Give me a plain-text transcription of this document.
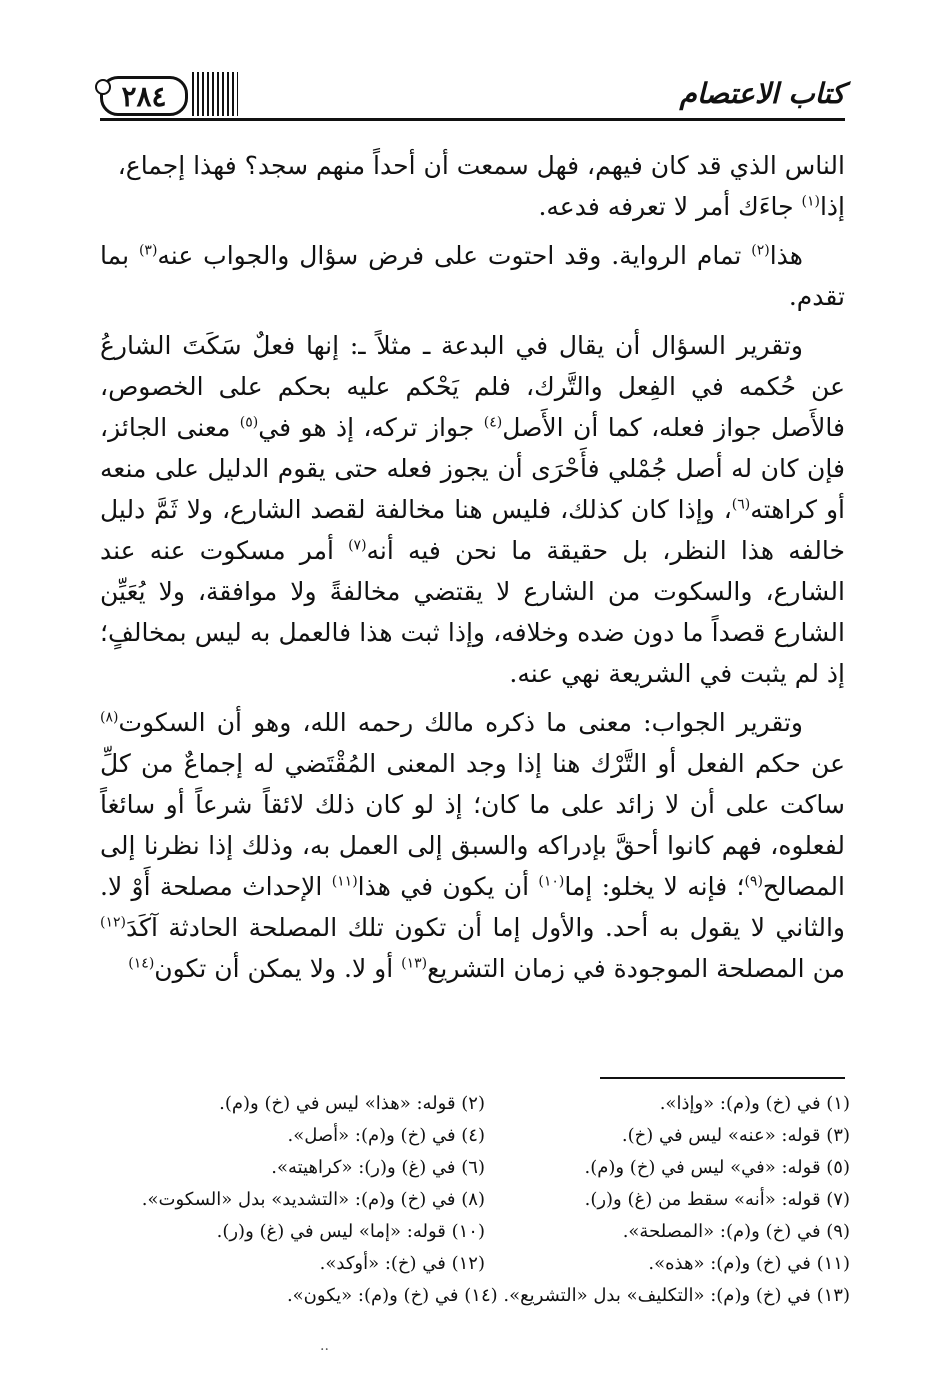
كتاب الاعتصام
٢٨٤

الناس الذي قد كان فيهم، فهل سمعت أن أحداً منهم سجد؟ فهذا إجماع،
إذا$^{(١)}$ جاءَك أمر لا تعرفه فدعه.

هذا$^{(٢)}$ تمام الرواية. وقد احتوت على فرض سؤال والجواب عنه$^{(٣)}$ بما تقدم.

وتقرير السؤال أن يقال في البدعة ـ مثلاً ـ: إنها فعلٌ سَكَتَ الشارعُ عن حُكمه في الفِعل والتَّرك، فلم يَحْكم عليه بحكم على الخصوص، فالأَصل جواز فعله، كما أن الأَصل$^{(٤)}$ جواز تركه، إذ هو في$^{(٥)}$ معنى الجائز، فإن كان له أصل جُمْلي فأَحْرَى أن يجوز فعله حتى يقوم الدليل على منعه أو كراهته$^{(٦)}$، وإذا كان كذلك، فليس هنا مخالفة لقصد الشارع، ولا ثَمَّ دليل خالفه هذا النظر، بل حقيقة ما نحن فيه أنه$^{(٧)}$ أمر مسكوت عنه عند الشارع، والسكوت من الشارع لا يقتضي مخالفةً ولا موافقة، ولا يُعَيِّن الشارع قصداً ما دون ضده وخلافه، وإذا ثبت هذا فالعمل به ليس بمخالفٍ؛ إذ لم يثبت في الشريعة نهي عنه.

وتقرير الجواب: معنى ما ذكره مالك رحمه الله، وهو أن السكوت$^{(٨)}$ عن حكم الفعل أو التَّرْك هنا إذا وجد المعنى المُقْتَضي له إجماعٌ من كلِّ ساكت على أن لا زائد على ما كان؛ إذ لو كان ذلك لائقاً شرعاً أو سائغاً لفعلوه، فهم كانوا أحقَّ بإدراكه والسبق إلى العمل به، وذلك إذا نظرنا إلى المصالح$^{(٩)}$؛ فإنه لا يخلو: إما$^{(١٠)}$ أن يكون في هذا$^{(١١)}$ الإحداث مصلحة أَوْ لا. والثاني لا يقول به أحد. والأول إما أن تكون تلك المصلحة الحادثة آكَدَ$^{(١٢)}$ من المصلحة الموجودة في زمان التشريع$^{(١٣)}$ أو لا. ولا يمكن أن تكون$^{(١٤)}$

(١) في (خ) و(م): «وإذا».
(٢) قوله: «هذا» ليس في (خ) و(م).
(٣) قوله: «عنه» ليس في (خ).
(٤) في (خ) و(م): «أصل».
(٥) قوله: «في» ليس في (خ) و(م).
(٦) في (غ) و(ر): «كراهيته».
(٧) قوله: «أنه» سقط من (غ) و(ر).
(٨) في (خ) و(م): «التشديد» بدل «السكوت».
(٩) في (خ) و(م): «المصلحة».
(١٠) قوله: «إما» ليس في (غ) و(ر).
(١١) في (خ) و(م): «هذه».
(١٢) في (خ): «أوكد».
(١٣) في (خ) و(م): «التكليف» بدل «التشريع». (١٤) في (خ) و(م): «يكون».
..
